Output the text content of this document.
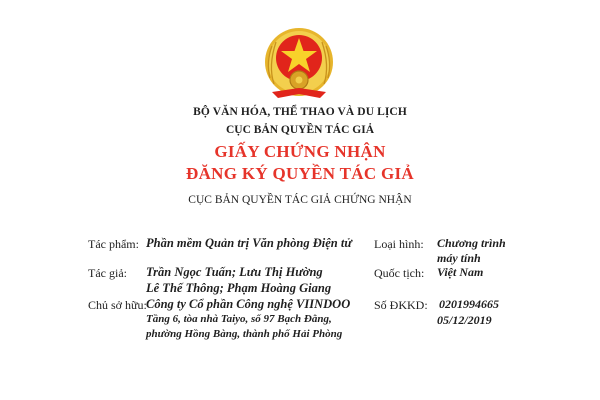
BỘ VĂN HÓA, THỂ THAO VÀ DU LỊCH
CỤC BẢN QUYỀN TÁC GIẢ
GIẤY CHỨNG NHẬN
ĐĂNG KÝ QUYỀN TÁC GIẢ
CỤC BẢN QUYỀN TÁC GIẢ CHỨNG NHẬN
Tác phẩm: Phần mềm Quản trị Văn phòng Điện tử Loại hình: Chương trình
máy tính
Tác giả: Trần Ngọc Tuấn; Lưu Thị Hường
Lê Thế Thông; Phạm Hoàng Giang
Quốc tịch: Việt Nam
Chủ sở hữu: Công ty Cổ phần Công nghệ VIINDOO
Tầng 6, tòa nhà Taiyo, số 97 Bạch Đằng,
phường Hồng Bàng, thành phố Hải Phòng
Số ĐKKD: 0201994665
05/12/2019
